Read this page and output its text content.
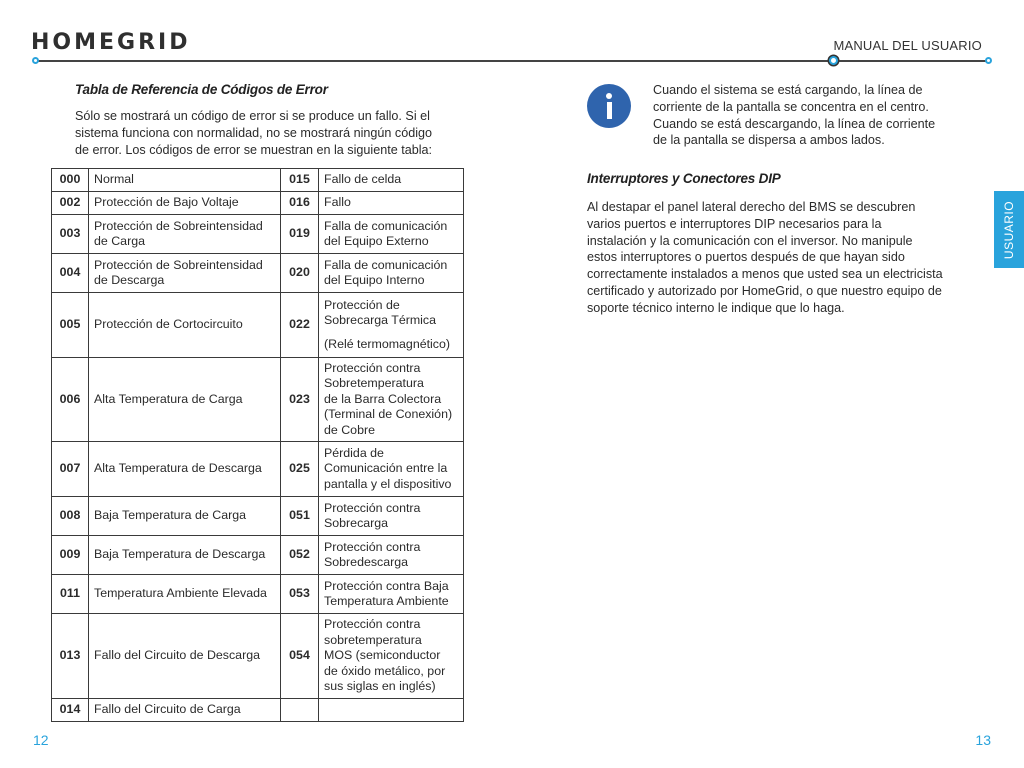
HOMEGRID	MANUAL DEL USUARIO
Tabla de Referencia de Códigos de Error
Sólo se mostrará un código de error si se produce un fallo. Si el
sistema funciona con normalidad, no se mostrará ningún código
de error. Los códigos de error se muestran en la siguiente tabla:
000	Normal	015	Fallo de celda

002	Protección de Bajo Voltaje	016	Fallo

003	Protección de Sobreintensidad
de Carga	019	Falla de comunicación
del Equipo Externo

004	Protección de Sobreintensidad
de Descarga	020	Falla de comunicación
del Equipo Interno

005	Protección de Cortocircuito	022	Protección de
Sobrecarga Térmica
(Relé termomagnético)

006	Alta Temperatura de Carga	023	Protección contra
Sobretemperatura
de la Barra Colectora
(Terminal de Conexión)
de Cobre

007	Alta Temperatura de Descarga	025	Pérdida de
Comunicación entre la
pantalla y el dispositivo

008	Baja Temperatura de Carga	051	Protección contra
Sobrecarga

009	Baja Temperatura de Descarga	052	Protección contra
Sobredescarga

011	Temperatura Ambiente Elevada	053	Protección contra Baja
Temperatura Ambiente

013	Fallo del Circuito de Descarga	054	Protección contra
sobretemperatura
MOS (semiconductor
de óxido metálico, por
sus siglas en inglés)

014	Fallo del Circuito de Carga		

12
Cuando el sistema se está cargando, la línea de
corriente de la pantalla se concentra en el centro.
Cuando se está descargando, la línea de corriente
de la pantalla se dispersa a ambos lados.
Interruptores y Conectores DIP
Al destapar el panel lateral derecho del BMS se descubren
varios puertos e interruptores DIP necesarios para la
instalación y la comunicación con el inversor. No manipule
estos interruptores o puertos después de que hayan sido
correctamente instalados a menos que usted sea un electricista
certificado y autorizado por HomeGrid, o que nuestro equipo de
soporte técnico interno le indique que lo haga.
USUARIO
13
